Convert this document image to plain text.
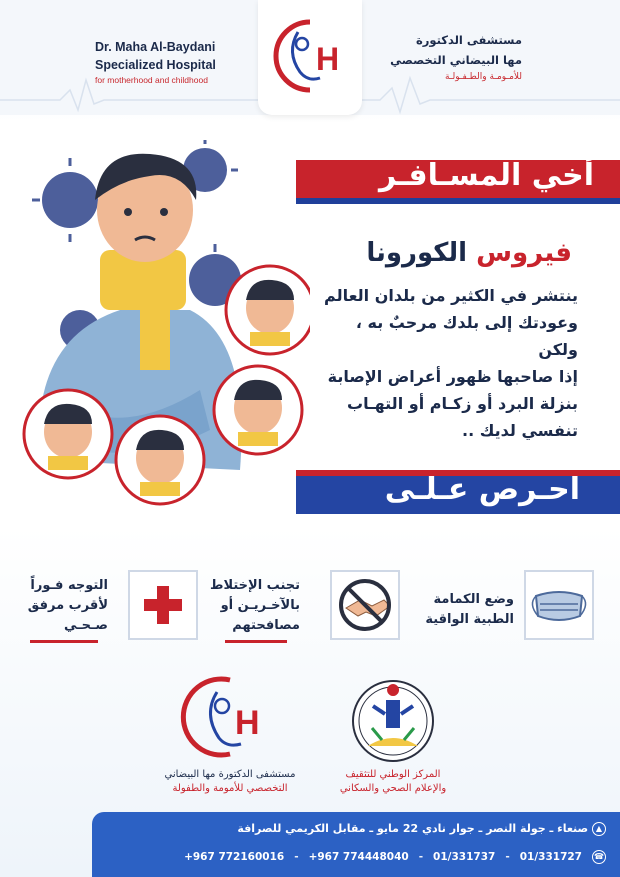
Dr. Maha Al-Baydani
Specialized Hospital
for motherhood and childhood
H
مستشفى الدكتورة
مها البيضاني التخصصي
للأمـومـة والطـفـولـة
أخي المسـافـر
فيروس الكورونا
ينتشر في الكثير من بلدان العالم
وعودتك إلى بلدك مرحبٌ به ، ولكن
إذا صاحبها ظهور أعراض الإصابة
بنزلة البرد أو زكـام أو التهـاب
تنفسي لديك ..
احـرص عـلـى
وضع الكمامة
الطبية الواقية
تجنب الإختلاط
بالآخـريـن أو
مصافحتهم
التوجه فـوراً
لأقرب مرفق
صـحـي
H
مستشفى الدكتورة مها البيضاني
التخصصي للأمومة والطفولة
المركز الوطني للتثقيف
والإعلام الصحي والسكاني
▲ صنعاء ـ جولة النصر ـ جوار نادي 22 مايو ـ مقابل الكريمي للصرافة
+967 772160016 - +967 774448040 - 01/331737 - 01/331727 ☎
